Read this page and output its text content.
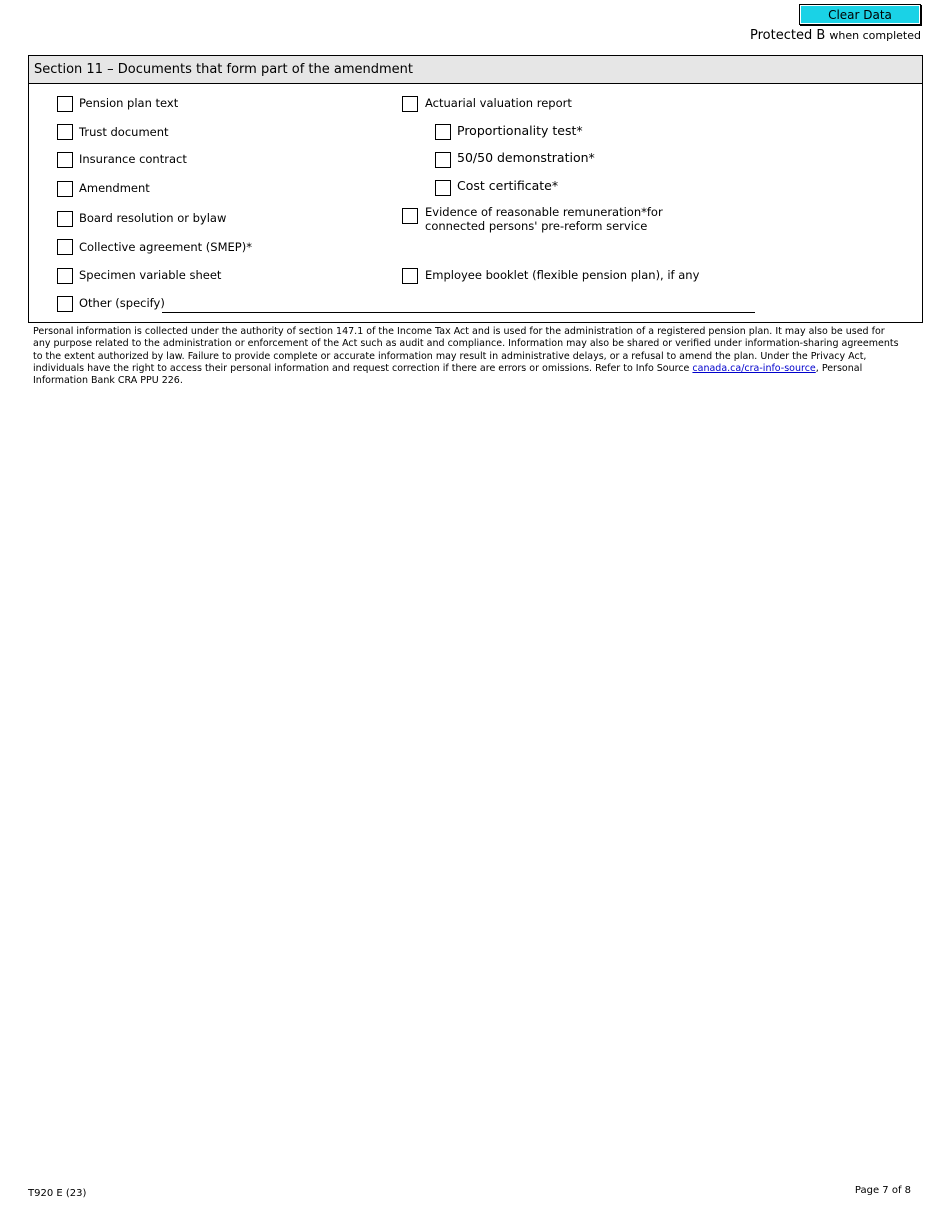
Clear Data
Protected B when completed
Section 11 – Documents that form part of the amendment
Pension plan text
Trust document
Insurance contract
Amendment
Board resolution or bylaw
Collective agreement (SMEP)*
Specimen variable sheet
Other (specify)
Actuarial valuation report
Proportionality test*
50/50 demonstration*
Cost certificate*
Evidence of reasonable remuneration*for connected persons' pre-reform service
Employee booklet (flexible pension plan), if any
Personal information is collected under the authority of section 147.1 of the Income Tax Act and is used for the administration of a registered pension plan. It may also be used for any purpose related to the administration or enforcement of the Act such as audit and compliance. Information may also be shared or verified under information-sharing agreements to the extent authorized by law. Failure to provide complete or accurate information may result in administrative delays, or a refusal to amend the plan. Under the Privacy Act, individuals have the right to access their personal information and request correction if there are errors or omissions. Refer to Info Source canada.ca/cra-info-source, Personal Information Bank CRA PPU 226.
T920 E (23)	Page 7 of 8
